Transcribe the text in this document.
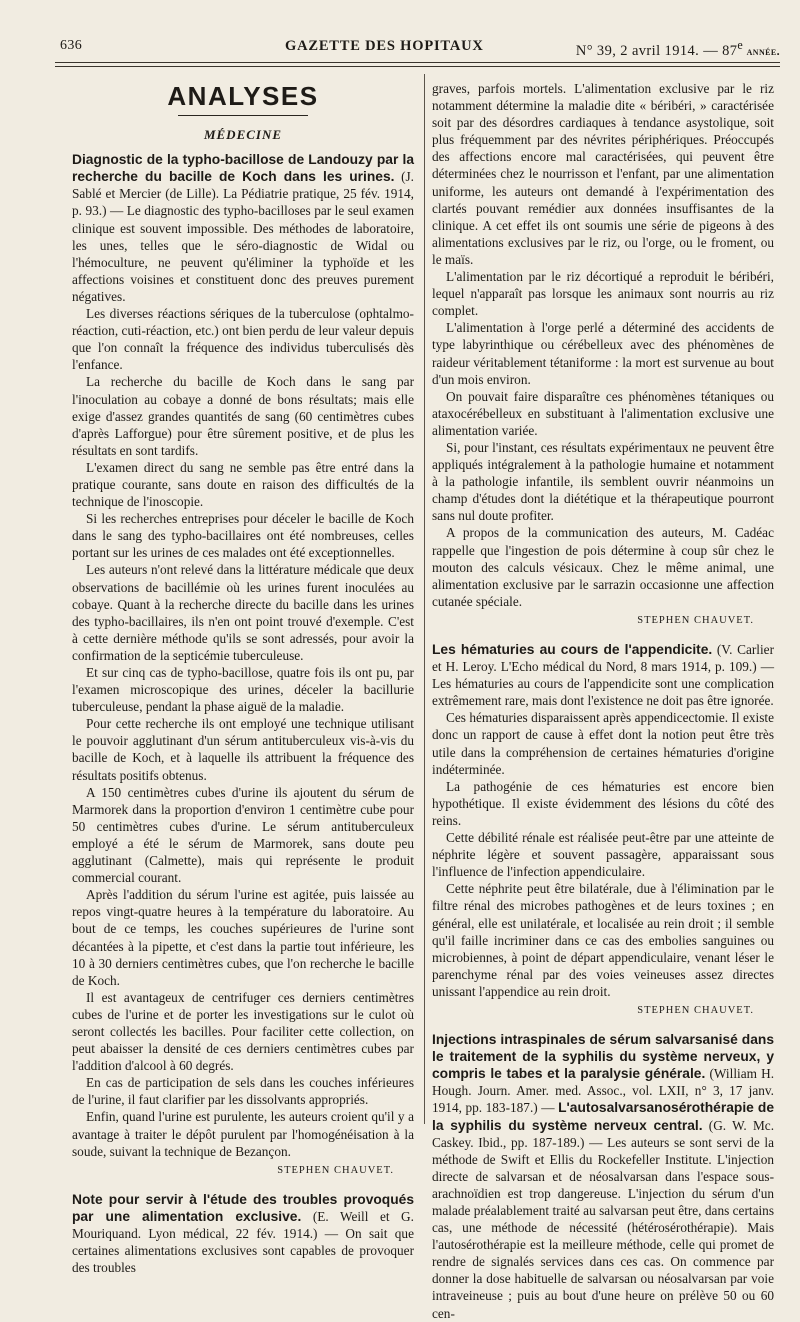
636	GAZETTE DES HOPITAUX	N° 39, 2 avril 1914. — 87e année.
ANALYSES
MÉDECINE

Diagnostic de la typho-bacillose de Landouzy par la recherche du bacille de Koch dans les urines. (J. Sablé et Mercier (de Lille). La Pédiatrie pratique, 25 fév. 1914, p. 93.) — Le diagnostic des typho-bacilloses par le seul examen clinique est souvent impossible. Des méthodes de laboratoire, les unes, telles que le séro-diagnostic de Widal ou l'hémoculture, ne peuvent qu'éliminer la typhoïde et les affections voisines et constituent donc des preuves purement négatives.

Les diverses réactions sériques de la tuberculose (ophtalmo-réaction, cuti-réaction, etc.) ont bien perdu de leur valeur depuis que l'on connaît la fréquence des individus tuberculisés dès l'enfance.

La recherche du bacille de Koch dans le sang par l'inoculation au cobaye a donné de bons résultats; mais elle exige d'assez grandes quantités de sang (60 centimètres cubes d'après Lafforgue) pour être sûrement positive, et de plus les résultats en sont tardifs.

L'examen direct du sang ne semble pas être entré dans la pratique courante, sans doute en raison des difficultés de la technique de l'inoscopie.

Si les recherches entreprises pour déceler le bacille de Koch dans le sang des typho-bacillaires ont été nombreuses, celles portant sur les urines de ces malades ont été exceptionnelles.

Les auteurs n'ont relevé dans la littérature médicale que deux observations de bacillémie où les urines furent inoculées au cobaye. Quant à la recherche directe du bacille dans les urines des typho-bacillaires, ils n'en ont point trouvé d'exemple. C'est à cette dernière méthode qu'ils se sont adressés, pour avoir la confirmation de la septicémie tuberculeuse.

Et sur cinq cas de typho-bacillose, quatre fois ils ont pu, par l'examen microscopique des urines, déceler la bacillurie tuberculeuse, pendant la phase aiguë de la maladie.

Pour cette recherche ils ont employé une technique utilisant le pouvoir agglutinant d'un sérum antituberculeux vis-à-vis du bacille de Koch, et à laquelle ils attribuent la fréquence des résultats positifs obtenus.

A 150 centimètres cubes d'urine ils ajoutent du sérum de Marmorek dans la proportion d'environ 1 centimètre cube pour 50 centimètres cubes d'urine. Le sérum antituberculeux employé a été le sérum de Marmorek, sans doute peu agglutinant (Calmette), mais qui représente le produit commercial courant.

Après l'addition du sérum l'urine est agitée, puis laissée au repos vingt-quatre heures à la température du laboratoire. Au bout de ce temps, les couches supérieures de l'urine sont décantées à la pipette, et c'est dans la partie tout inférieure, les 10 à 30 derniers centimètres cubes, que l'on recherche le bacille de Koch.

Il est avantageux de centrifuger ces derniers centimètres cubes de l'urine et de porter les investigations sur le culot où seront collectés les bacilles. Pour faciliter cette collection, on peut abaisser la densité de ces derniers centimètres cubes par l'addition d'alcool à 60 degrés.

En cas de participation de sels dans les couches inférieures de l'urine, il faut clarifier par les dissolvants appropriés.

Enfin, quand l'urine est purulente, les auteurs croient qu'il y a avantage à traiter le dépôt purulent par l'homogénéisation à la soude, suivant la technique de Bezançon.

STEPHEN CHAUVET.

Note pour servir à l'étude des troubles provoqués par une alimentation exclusive. (E. Weill et G. Mouriquand. Lyon médical, 22 fév. 1914.) — On sait que certaines alimentations exclusives sont capables de provoquer des troubles

graves, parfois mortels. L'alimentation exclusive par le riz notamment détermine la maladie dite « béribéri, » caractérisée soit par des désordres cardiaques à tendance asystolique, soit plus fréquemment par des névrites périphériques. Préoccupés des affections encore mal caractérisées, qui peuvent être déterminées chez le nourrisson et l'enfant, par une alimentation uniforme, les auteurs ont demandé à l'expérimentation des clartés pouvant remédier aux données insuffisantes de la clinique. A cet effet ils ont soumis une série de pigeons à des alimentations exclusives par le riz, ou l'orge, ou le froment, ou le maïs.

L'alimentation par le riz décortiqué a reproduit le béribéri, lequel n'apparaît pas lorsque les animaux sont nourris au riz complet.

L'alimentation à l'orge perlé a déterminé des accidents de type labyrinthique ou cérébelleux avec des phénomènes de raideur véritablement tétaniforme : la mort est survenue au bout d'un mois environ.

On pouvait faire disparaître ces phénomènes tétaniques ou ataxocérébelleux en substituant à l'alimentation exclusive une alimentation variée.

Si, pour l'instant, ces résultats expérimentaux ne peuvent être appliqués intégralement à la pathologie humaine et notamment à la pathologie infantile, ils semblent ouvrir néanmoins un champ d'études dont la diététique et la thérapeutique pourront sans nul doute profiter.

A propos de la communication des auteurs, M. Cadéac rappelle que l'ingestion de pois détermine à coup sûr chez le mouton des calculs vésicaux. Chez le même animal, une alimentation exclusive par le sarrazin occasionne une affection cutanée spéciale.

STEPHEN CHAUVET.

Les hématuries au cours de l'appendicite. (V. Carlier et H. Leroy. L'Echo médical du Nord, 8 mars 1914, p. 109.) — Les hématuries au cours de l'appendicite sont une complication extrêmement rare, mais dont l'existence ne doit pas être ignorée.

Ces hématuries disparaissent après appendicectomie. Il existe donc un rapport de cause à effet dont la notion peut être très utile dans la compréhension de certaines hématuries d'origine indéterminée.

La pathogénie de ces hématuries est encore bien hypothétique. Il existe évidemment des lésions du côté des reins.

Cette débilité rénale est réalisée peut-être par une atteinte de néphrite légère et souvent passagère, apparaissant sous l'influence de l'infection appendiculaire.

Cette néphrite peut être bilatérale, due à l'élimination par le filtre rénal des microbes pathogènes et de leurs toxines ; en général, elle est unilatérale, et localisée au rein droit ; il semble qu'il faille incriminer dans ce cas des embolies sanguines ou microbiennes, à point de départ appendiculaire, venant léser le parenchyme rénal par des voies veineuses assez directes unissant l'appendice au rein droit.

STEPHEN CHAUVET.

Injections intraspinales de sérum salvarsanisé dans le traitement de la syphilis du système nerveux, y compris le tabes et la paralysie générale. (William H. Hough. Journ. Amer. med. Assoc., vol. LXII, n° 3, 17 janv. 1914, pp. 183-187.) — L'autosalvarsanosérothérapie de la syphilis du système nerveux central. (G. W. Mc. Caskey. Ibid., pp. 187-189.) — Les auteurs se sont servi de la méthode de Swift et Ellis du Rockefeller Institute. L'injection directe de salvarsan et de néosalvarsan dans l'espace sous-arachnoïdien est trop dangereuse. L'injection du sérum d'un malade préalablement traité au salvarsan peut être, dans certains cas, une méthode de nécessité (hétérosérothérapie). Mais l'autosérothérapie est la meilleure méthode, celle qui promet de rendre de signalés services dans ces cas. On commence par donner la dose habituelle de salvarsan ou néosalvarsan par voie intraveineuse ; puis au bout d'une heure on prélève 50 ou 60 cen-
